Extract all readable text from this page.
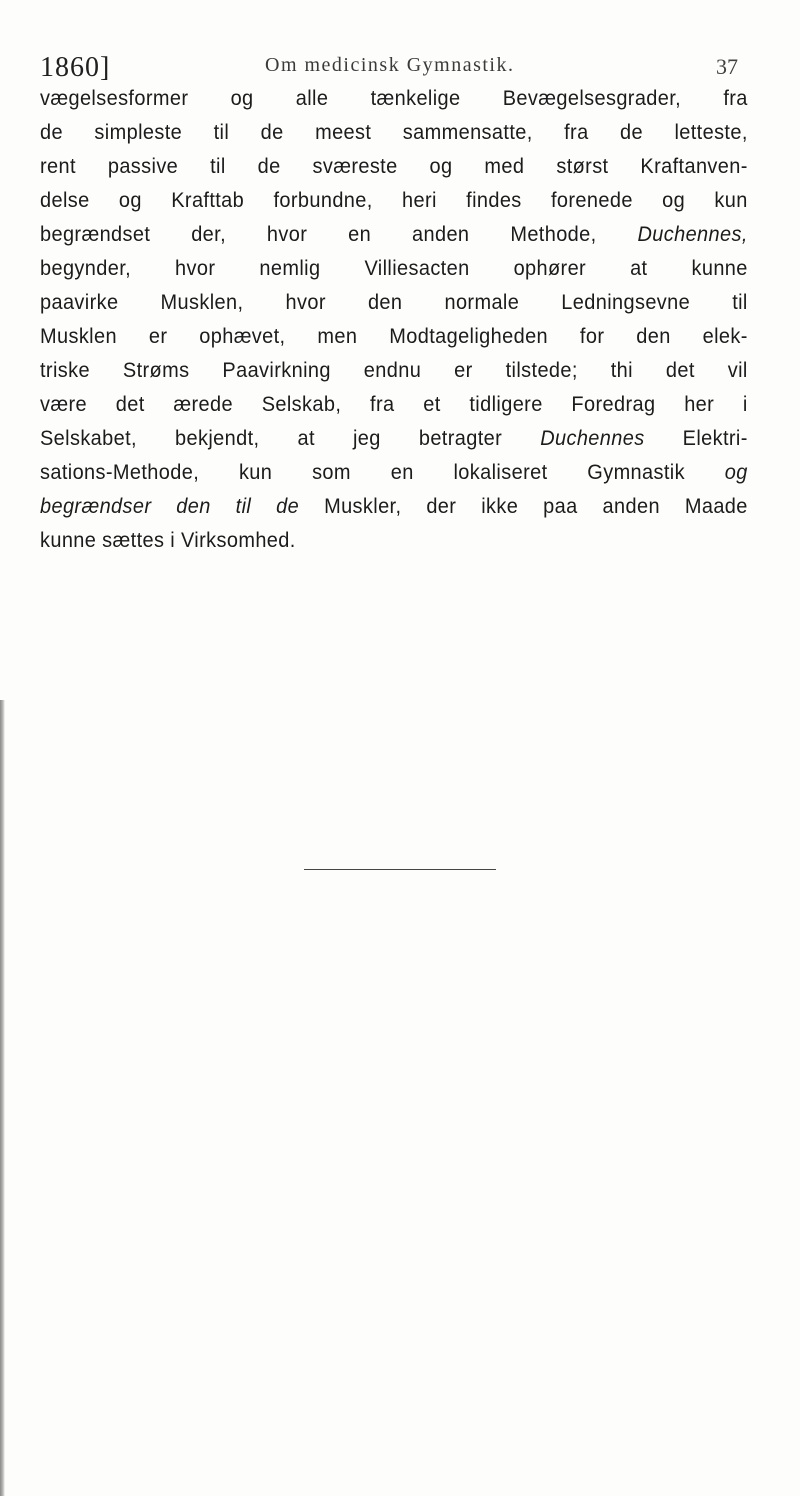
1860]	Om medicinsk Gymnastik.	37
vægelsesformer og alle tænkelige Bevægelsesgrader, fra
de simpleste til de meest sammensatte, fra de letteste,
rent passive til de sværeste og med størst Kraftanven-
delse og Krafttab forbundne, heri findes forenede og kun
begrændset der, hvor en anden Methode, Duchennes,
begynder, hvor nemlig Villiesacten ophører at kunne
paavirke Musklen, hvor den normale Ledningsevne til
Musklen er ophævet, men Modtageligheden for den elek-
triske Strøms Paavirkning endnu er tilstede; thi det vil
være det ærede Selskab, fra et tidligere Foredrag her i
Selskabet, bekjendt, at jeg betragter Duchennes Elektri-
sations-Methode, kun som en lokaliseret Gymnastik og
begrændser den til de Muskler, der ikke paa anden Maade
kunne sættes i Virksomhed.
